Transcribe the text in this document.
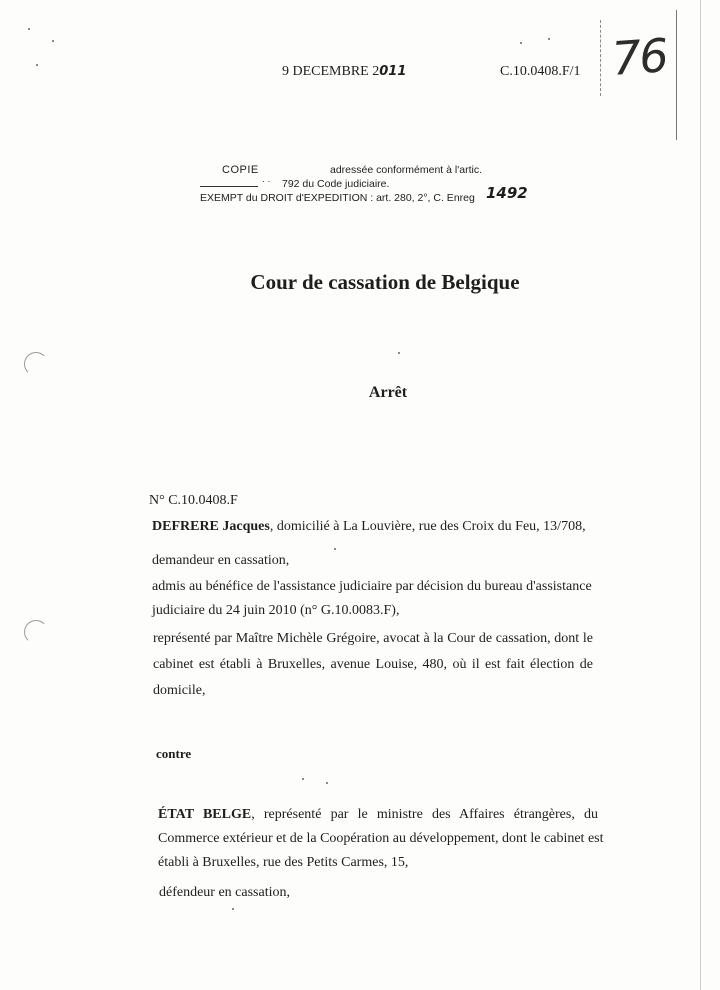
9 DECEMBRE 2011	C.10.0408.F/1 76
COPIE	adressée conformément à l'artic.
· · 792 du Code judiciaire.
EXEMPT du DROIT d'EXPEDITION : art. 280, 2°, C. Enreg 1492
Cour de cassation de Belgique
Arrêt
N° C.10.0408.F
DEFRERE Jacques, domicilié à La Louvière, rue des Croix du Feu, 13/708,
demandeur en cassation,
admis au bénéfice de l'assistance judiciaire par décision du bureau d'assistance
judiciaire du 24 juin 2010 (n° G.10.0083.F),
représenté par Maître Michèle Grégoire, avocat à la Cour de cassation, dont le
cabinet est établi à Bruxelles, avenue Louise, 480, où il est fait élection de
domicile,
contre
ÉTAT BELGE, représenté par le ministre des Affaires étrangères, du
Commerce extérieur et de la Coopération au développement, dont le cabinet est
établi à Bruxelles, rue des Petits Carmes, 15,
défendeur en cassation,
